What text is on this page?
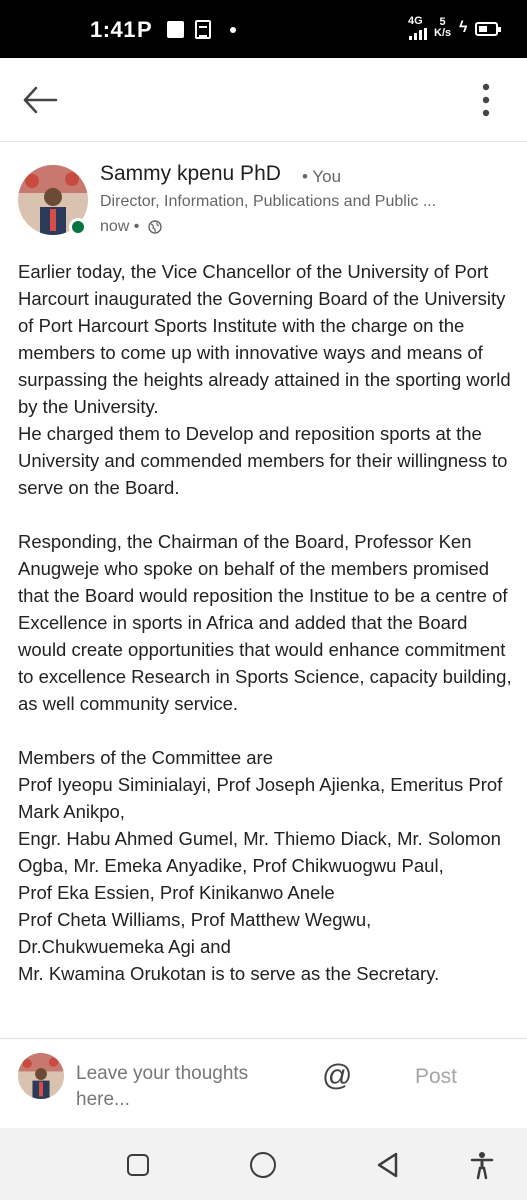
1:41 P	4G	5
K/s ϟ
Sammy kpenu PhD • You
Director, Information, Publications and Public ...
now •

Earlier today, the Vice Chancellor of the University of Port Harcourt inaugurated the Governing Board of the University of Port Harcourt Sports Institute with the charge on the members to come up with innovative ways and means of surpassing the heights already attained in the sporting world by the University.

He charged them to Develop and reposition sports at the University and commended members for their willingness to serve on the Board.

Responding, the Chairman of the Board, Professor Ken Anugweje who spoke on behalf of the members promised that the Board would reposition the Institue to be a centre of Excellence in sports in Africa and added that the Board would create opportunities that would enhance commitment to excellence Research in Sports Science, capacity building, as well community service.

Members of the Committee are

Prof Iyeopu Siminialayi, Prof Joseph Ajienka, Emeritus Prof Mark Anikpo,

Engr. Habu Ahmed Gumel, Mr. Thiemo Diack, Mr. Solomon Ogba, Mr. Emeka Anyadike, Prof Chikwuogwu Paul,

Prof Eka Essien, Prof Kinikanwo Anele

Prof Cheta Williams, Prof Matthew Wegwu, Dr.Chukwuemeka Agi and

Mr. Kwamina Orukotan is to serve as the Secretary.

Leave your thoughts here...
@	Post
